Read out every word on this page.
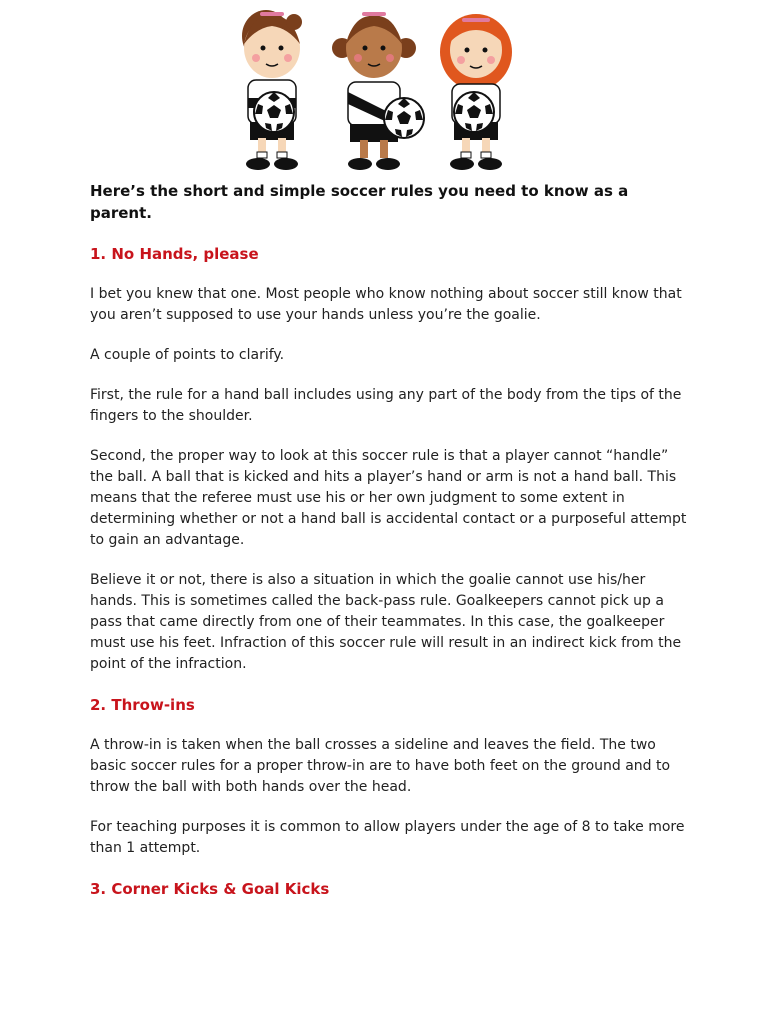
Here’s the short and simple soccer rules you need to know as a parent.

1. No Hands, please

I bet you knew that one. Most people who know nothing about soccer still know that you aren’t supposed to use your hands unless you’re the goalie.

A couple of points to clarify.

First, the rule for a hand ball includes using any part of the body from the tips of the fingers to the shoulder.

Second, the proper way to look at this soccer rule is that a player cannot “handle” the ball. A ball that is kicked and hits a player’s hand or arm is not a hand ball. This means that the referee must use his or her own judgment to some extent in determining whether or not a hand ball is accidental contact or a purposeful attempt to gain an advantage.

Believe it or not, there is also a situation in which the goalie cannot use his/her hands. This is sometimes called the back-pass rule. Goalkeepers cannot pick up a pass that came directly from one of their teammates. In this case, the goalkeeper must use his feet. Infraction of this soccer rule will result in an indirect kick from the point of the infraction.

2. Throw-ins

A throw-in is taken when the ball crosses a sideline and leaves the field. The two basic soccer rules for a proper throw-in are to have both feet on the ground and to throw the ball with both hands over the head.

For teaching purposes it is common to allow players under the age of 8 to take more than 1 attempt.

3. Corner Kicks & Goal Kicks
